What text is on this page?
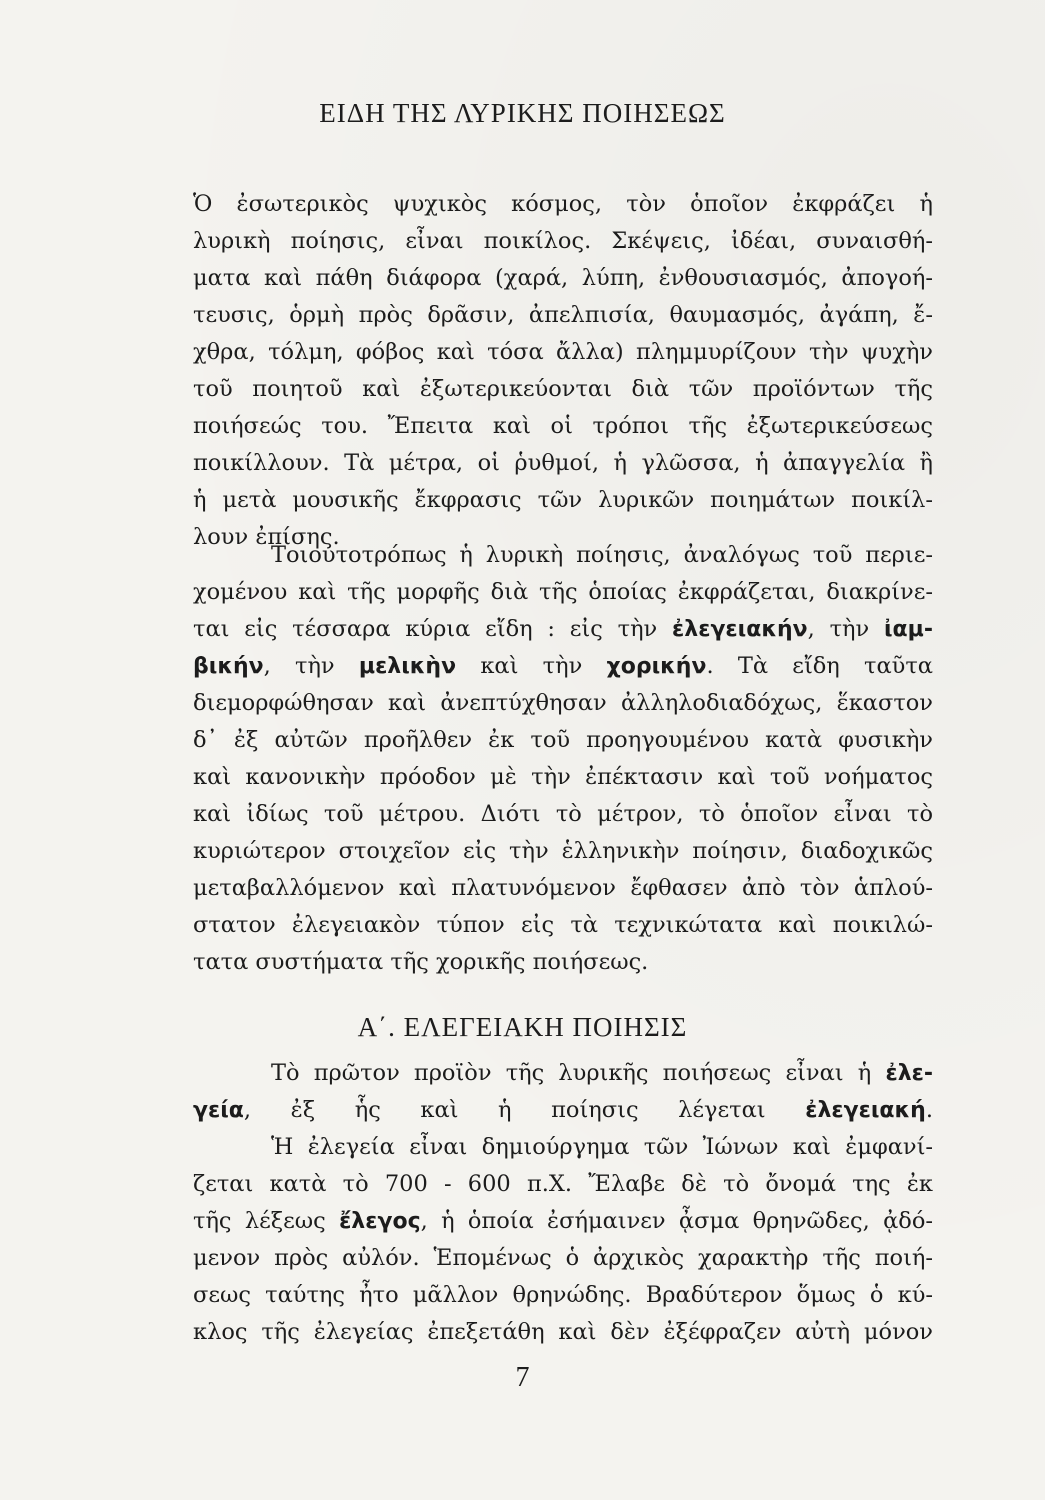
ΕΙΔΗ ΤΗΣ ΛΥΡΙΚΗΣ ΠΟΙΗΣΕΩΣ
Ὁ ἐσωτερικὸς ψυχικὸς κόσμος, τὸν ὁποῖον ἐκφράζει ἡ
λυρικὴ ποίησις, εἶναι ποικίλος. Σκέψεις, ἰδέαι, συναισθή-
ματα καὶ πάθη διάφορα (χαρά, λύπη, ἐνθουσιασμός, ἀπογοή-
τευσις, ὁρμὴ πρὸς δρᾶσιν, ἀπελπισία, θαυμασμός, ἀγάπη, ἔ-
χθρα, τόλμη, φόβος καὶ τόσα ἄλλα) πλημμυρίζουν τὴν ψυχὴν
τοῦ ποιητοῦ καὶ ἐξωτερικεύονται διὰ τῶν προϊόντων τῆς
ποιήσεώς του. Ἔπειτα καὶ οἱ τρόποι τῆς ἐξωτερικεύσεως
ποικίλλουν. Τὰ μέτρα, οἱ ῥυθμοί, ἡ γλῶσσα, ἡ ἀπαγγελία ἢ
ἡ μετὰ μουσικῆς ἔκφρασις τῶν λυρικῶν ποιημάτων ποικίλ-
λουν ἐπίσης.
Τοιουτοτρόπως ἡ λυρικὴ ποίησις, ἀναλόγως τοῦ περιε-
χομένου καὶ τῆς μορφῆς διὰ τῆς ὁποίας ἐκφράζεται, διακρίνε-
ται εἰς τέσσαρα κύρια εἴδη : εἰς τὴν ἐλεγειακήν, τὴν ἰαμ-
βικήν, τὴν μελικὴν καὶ τὴν χορικήν. Τὰ εἴδη ταῦτα
διεμορφώθησαν καὶ ἀνεπτύχθησαν ἀλληλοδιαδόχως, ἕκαστον
δ᾽ ἐξ αὐτῶν προῆλθεν ἐκ τοῦ προηγουμένου κατὰ φυσικὴν
καὶ κανονικὴν πρόοδον μὲ τὴν ἐπέκτασιν καὶ τοῦ νοήματος
καὶ ἰδίως τοῦ μέτρου. Διότι τὸ μέτρον, τὸ ὁποῖον εἶναι τὸ
κυριώτερον στοιχεῖον εἰς τὴν ἑλληνικὴν ποίησιν, διαδοχικῶς
μεταβαλλόμενον καὶ πλατυνόμενον ἔφθασεν ἀπὸ τὸν ἁπλού-
στατον ἐλεγειακὸν τύπον εἰς τὰ τεχνικώτατα καὶ ποικιλώ-
τατα συστήματα τῆς χορικῆς ποιήσεως.
Α΄. ΕΛΕΓΕΙΑΚΗ ΠΟΙΗΣΙΣ
Τὸ πρῶτον προϊὸν τῆς λυρικῆς ποιήσεως εἶναι ἡ ἐλε-
γεία, ἐξ ἧς καὶ ἡ ποίησις λέγεται ἐλεγειακή.
Ἡ ἐλεγεία εἶναι δημιούργημα τῶν Ἰώνων καὶ ἐμφανί-
ζεται κατὰ τὸ 700 - 600 π.Χ. Ἔλαβε δὲ τὸ ὄνομά της ἐκ
τῆς λέξεως ἔλεγος, ἡ ὁποία ἐσήμαινεν ᾆσμα θρηνῶδες, ᾀδό-
μενον πρὸς αὐλόν. Ἑπομένως ὁ ἀρχικὸς χαρακτὴρ τῆς ποιή-
σεως ταύτης ἦτο μᾶλλον θρηνώδης. Βραδύτερον ὅμως ὁ κύ-
κλος τῆς ἐλεγείας ἐπεξετάθη καὶ δὲν ἐξέφραζεν αὐτὴ μόνον
7
